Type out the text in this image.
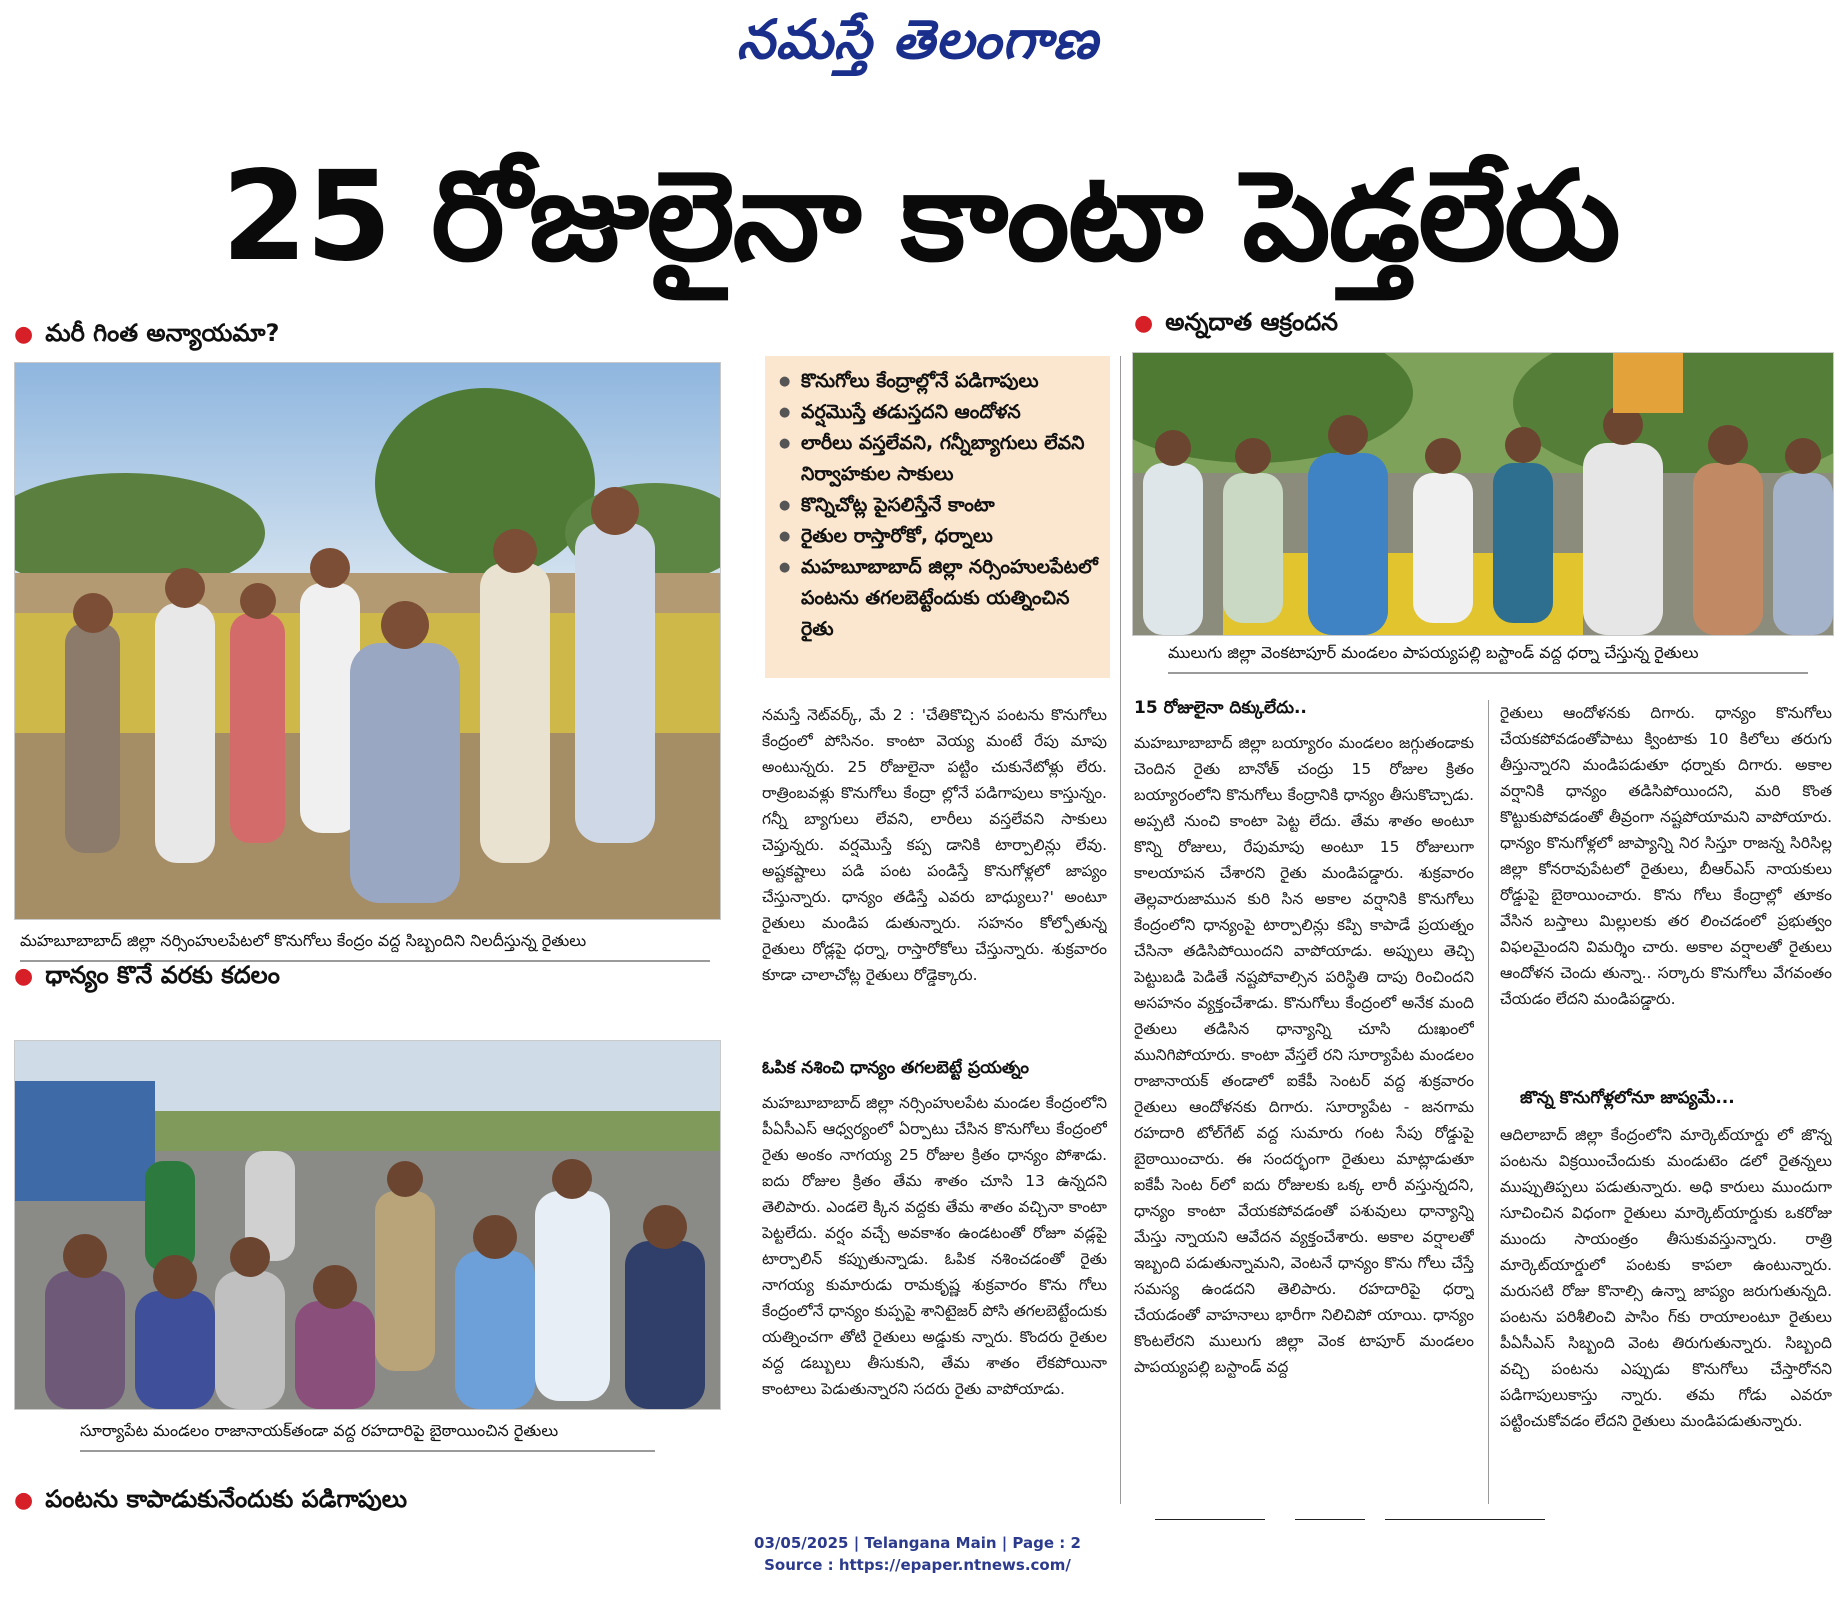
నమస్తే తెలంగాణ
25 రోజులైనా కాంటా పెడ్తలేరు
● మరీ గింత అన్యాయమా?
మహబూబాబాద్ జిల్లా నర్సింహులపేటలో కొనుగోలు కేంద్రం వద్ద సిబ్బందిని నిలదీస్తున్న రైతులు
● ధాన్యం కొనే వరకు కదలం
సూర్యాపేట మండలం రాజానాయక్‌తండా వద్ద రహదారిపై బైఠాయించిన రైతులు
● పంటను కాపాడుకునేందుకు పడిగాపులు
● కొనుగోలు కేంద్రాల్లోనే పడిగాపులు
● వర్షమొస్తే తడుస్తదని ఆందోళన
● లారీలు వస్తలేవని, గన్నీబ్యాగులు లేవని నిర్వాహకుల సాకులు
● కొన్నిచోట్ల పైసలిస్తేనే కాంటా
● రైతుల రాస్తారోకో, ధర్నాలు
● మహబూబాబాద్ జిల్లా నర్సింహులపేటలో పంటను తగలబెట్టేందుకు యత్నించిన రైతు

నమస్తే నెట్‌వర్క్, మే 2 : 'చేతికొచ్చిన పంటను కొనుగోలు కేంద్రంలో పోసినం. కాంటా వెయ్య మంటే రేపు మాపు అంటున్నరు. 25 రోజులైనా పట్టిం చుకునేటోళ్లు లేరు. రాత్రింబవళ్లు కొనుగోలు కేంద్రా ల్లోనే పడిగాపులు కాస్తున్నం. గన్నీ బ్యాగులు లేవని, లారీలు వస్తలేవని సాకులు చెప్తున్నరు. వర్షమొస్తే కప్ప డానికి టార్పాలిన్లు లేవు. అష్టకష్టాలు పడి పంట పండిస్తే కొనుగోళ్లలో జాప్యం చేస్తున్నారు. ధాన్యం తడిస్తే ఎవరు బాధ్యులు?' అంటూ రైతులు మండిప డుతున్నారు. సహనం కోల్పోతున్న రైతులు రోడ్లపై ధర్నా, రాస్తారోకోలు చేస్తున్నారు. శుక్రవారం కూడా చాలాచోట్ల రైతులు రోడ్డెక్కారు.

ఓపిక నశించి ధాన్యం తగలబెట్టే ప్రయత్నం

మహబూబాబాద్ జిల్లా నర్సింహులపేట మండల కేంద్రంలోని పీఏసీఎస్ ఆధ్వర్యంలో ఏర్పాటు చేసిన కొనుగోలు కేంద్రంలో రైతు అంకం నాగయ్య 25 రోజుల క్రితం ధాన్యం పోశాడు. ఐదు రోజుల క్రితం తేమ శాతం చూసి 13 ఉన్నదని తెలిపారు. ఎండలె క్కిన వద్దకు తేమ శాతం వచ్చినా కాంటా పెట్టలేదు. వర్షం వచ్చే అవకాశం ఉండటంతో రోజూ వడ్లపై టార్పాలిన్ కప్పుతున్నాడు. ఓపిక నశించడంతో రైతు నాగయ్య కుమారుడు రామకృష్ణ శుక్రవారం కొను గోలు కేంద్రంలోనే ధాన్యం కుప్పపై శానిటైజర్ పోసి తగలబెట్టేందుకు యత్నించగా తోటి రైతులు అడ్డుకు న్నారు. కొందరు రైతుల వద్ద డబ్బులు తీసుకుని, తేమ శాతం లేకపోయినా కాంటాలు పెడుతున్నారని సదరు రైతు వాపోయాడు.

● అన్నదాత ఆక్రందన
ములుగు జిల్లా వెంకటాపూర్ మండలం పాపయ్యపల్లి బస్టాండ్ వద్ద ధర్నా చేస్తున్న రైతులు
15 రోజులైనా దిక్కులేదు..

మహబూబాబాద్ జిల్లా బయ్యారం మండలం జగ్గుతండాకు చెందిన రైతు బానోత్ చంద్రు 15 రోజుల క్రితం బయ్యారంలోని కొనుగోలు కేంద్రానికి ధాన్యం తీసుకొచ్చాడు. అప్పటి నుంచి కాంటా పెట్ట లేదు. తేమ శాతం అంటూ కొన్ని రోజులు, రేపుమాపు అంటూ 15 రోజులుగా కాలయాపన చేశారని రైతు మండిపడ్డారు. శుక్రవారం తెల్లవారుజామున కురి సిన అకాల వర్షానికి కొనుగోలు కేంద్రంలోని ధాన్యంపై టార్పాలిన్లు కప్పి కాపాడే ప్రయత్నం చేసినా తడిసిపోయిందని వాపోయాడు. అప్పులు తెచ్చి పెట్టుబడి పెడితే నష్టపోవాల్సిన పరిస్థితి దాపు రించిందని అసహనం వ్యక్తంచేశాడు. కొనుగోలు కేంద్రంలో అనేక మంది రైతులు తడిసిన ధాన్యాన్ని చూసి దుఃఖంలో మునిగిపోయారు. కాంటా వేస్తలే రని సూర్యాపేట మండలం రాజానాయక్ తండాలో ఐకేపీ సెంటర్ వద్ద శుక్రవారం రైతులు ఆందోళనకు దిగారు. సూర్యాపేట - జనగామ రహదారి టోల్‌గేట్ వద్ద సుమారు గంట సేపు రోడ్డుపై బైఠాయించారు. ఈ సందర్భంగా రైతులు మాట్లాడుతూ ఐకేపీ సెంట ర్‌లో ఐదు రోజులకు ఒక్క లారీ వస్తున్నదని, ధాన్యం కాంటా వేయకపోవడంతో పశువులు ధాన్యాన్ని మేస్తు న్నాయని ఆవేదన వ్యక్తంచేశారు. అకాల వర్షాలతో ఇబ్బంది పడుతున్నామని, వెంటనే ధాన్యం కొను గోలు చేస్తే సమస్య ఉండదని తెలిపారు. రహదారిపై ధర్నా చేయడంతో వాహనాలు భారీగా నిలిచిపో యాయి. ధాన్యం కొంటలేరని ములుగు జిల్లా వెంక టాపూర్ మండలం పాపయ్యపల్లి బస్టాండ్ వద్ద

రైతులు ఆందోళనకు దిగారు. ధాన్యం కొనుగోలు చేయకపోవడంతోపాటు క్వింటాకు 10 కిలోలు తరుగు తీస్తున్నారని మండిపడుతూ ధర్నాకు దిగారు. అకాల వర్షానికి ధాన్యం తడిసిపోయిందని, మరి కొంత కొట్టుకుపోవడంతో తీవ్రంగా నష్టపోయామని వాపోయారు. ధాన్యం కొనుగోళ్లలో జాప్యాన్ని నిర సిస్తూ రాజన్న సిరిసిల్ల జిల్లా కోనరావుపేటలో రైతులు, బీఆర్‌ఎస్ నాయకులు రోడ్డుపై బైఠాయించారు. కొను గోలు కేంద్రాల్లో తూకం వేసిన బస్తాలు మిల్లులకు తర లించడంలో ప్రభుత్వం విఫలమైందని విమర్శిం చారు. అకాల వర్షాలతో రైతులు ఆందోళన చెందు తున్నా.. సర్కారు కొనుగోలు వేగవంతం చేయడం లేదని మండిపడ్డారు.

జొన్న కొనుగోళ్లలోనూ జాప్యమే...

ఆదిలాబాద్ జిల్లా కేంద్రంలోని మార్కెట్‌యార్డు లో జొన్న పంటను విక్రయించేందుకు మండుటెం డలో రైతన్నలు ముప్పుతిప్పలు పడుతున్నారు. అధి కారులు ముందుగా సూచించిన విధంగా రైతులు మార్కెట్‌యార్డుకు ఒకరోజు ముందు సాయంత్రం తీసుకువస్తున్నారు. రాత్రి మార్కెట్‌యార్డులో పంటకు కాపలా ఉంటున్నారు. మరుసటి రోజు కొనాల్సి ఉన్నా జాప్యం జరుగుతున్నది. పంటను పరిశీలించి పాసిం గ్‌కు రాయాలంటూ రైతులు పీఏసీఎస్ సిబ్బంది వెంట తిరుగుతున్నారు. సిబ్బంది వచ్చి పంటను ఎప్పుడు కొనుగోలు చేస్తారోనని పడిగాపులుకాస్తు న్నారు. తమ గోడు ఎవరూ పట్టించుకోవడం లేదని రైతులు మండిపడుతున్నారు.

03/05/2025 | Telangana Main | Page : 2
Source : https://epaper.ntnews.com/
